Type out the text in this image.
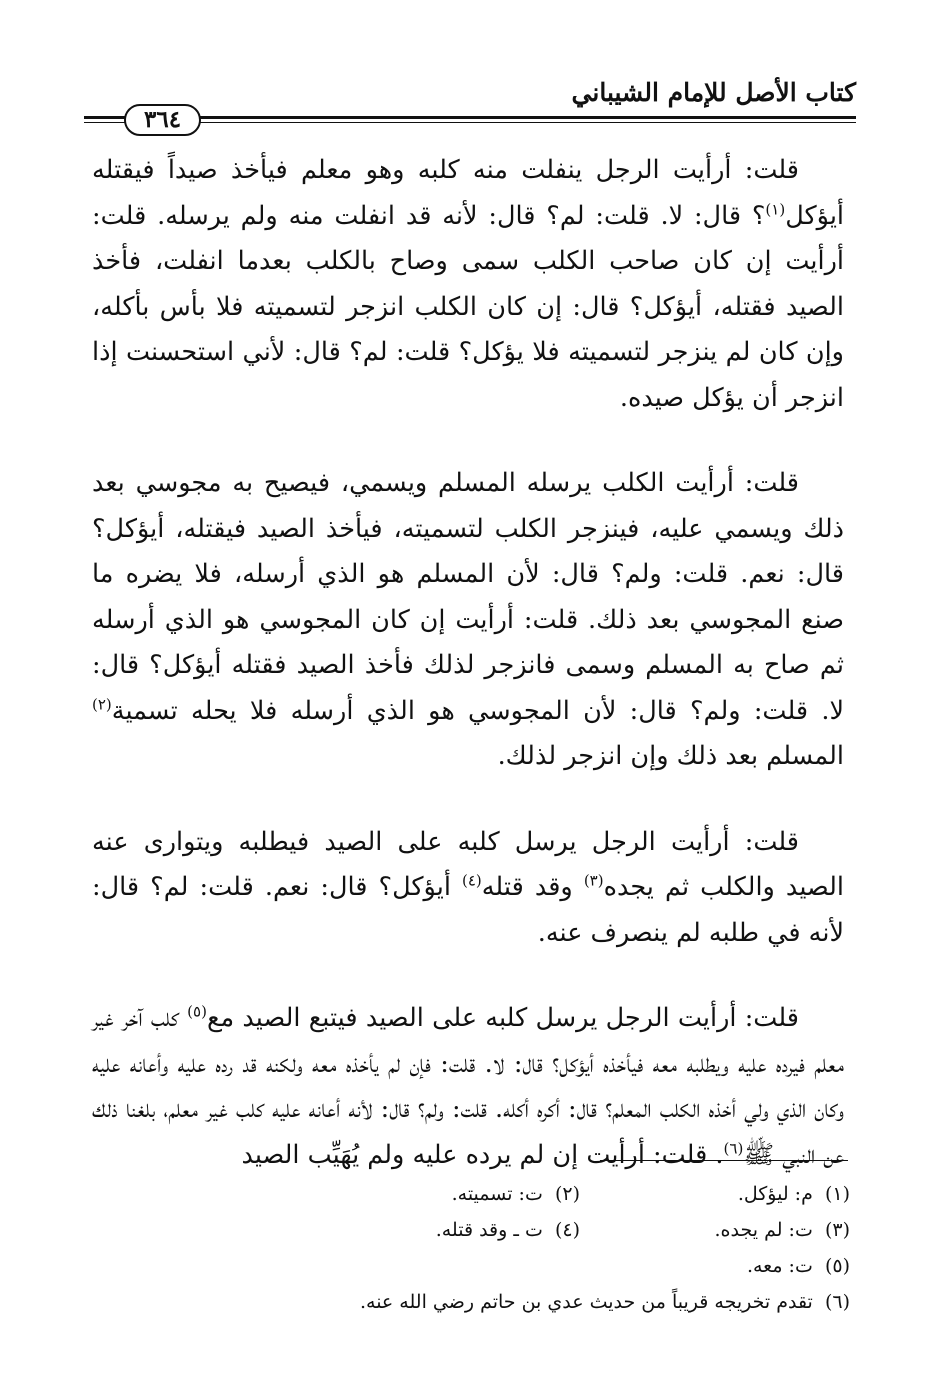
كتاب الأصل للإمام الشيباني
٣٦٤

قلت: أرأيت الرجل ينفلت منه كلبه وهو معلم فيأخذ صيداً فيقتله أيؤكل$^{(١)}$؟ قال: لا. قلت: لم؟ قال: لأنه قد انفلت منه ولم يرسله. قلت: أرأيت إن كان صاحب الكلب سمى وصاح بالكلب بعدما انفلت، فأخذ الصيد فقتله، أيؤكل؟ قال: إن كان الكلب انزجر لتسميته فلا بأس بأكله، وإن كان لم ينزجر لتسميته فلا يؤكل؟ قلت: لم؟ قال: لأني استحسنت إذا انزجر أن يؤكل صيده.

قلت: أرأيت الكلب يرسله المسلم ويسمي، فيصيح به مجوسي بعد ذلك ويسمي عليه، فينزجر الكلب لتسميته، فيأخذ الصيد فيقتله، أيؤكل؟ قال: نعم. قلت: ولم؟ قال: لأن المسلم هو الذي أرسله، فلا يضره ما صنع المجوسي بعد ذلك. قلت: أرأيت إن كان المجوسي هو الذي أرسله ثم صاح به المسلم وسمى فانزجر لذلك فأخذ الصيد فقتله أيؤكل؟ قال: لا. قلت: ولم؟ قال: لأن المجوسي هو الذي أرسله فلا يحله تسمية$^{(٢)}$ المسلم بعد ذلك وإن انزجر لذلك.

قلت: أرأيت الرجل يرسل كلبه على الصيد فيطلبه ويتوارى عنه الصيد والكلب ثم يجده$^{(٣)}$ وقد قتله$^{(٤)}$ أيؤكل؟ قال: نعم. قلت: لم؟ قال: لأنه في طلبه لم ينصرف عنه.

قلت: أرأيت الرجل يرسل كلبه على الصيد فيتبع الصيد مع$^{(٥)}$ كلب آخر غير معلم فيرده عليه ويطلبه معه فيأخذه أيؤكل؟ قال: لا. قلت: فإن لم يأخذه معه ولكنه قد رده عليه وأعانه عليه وكان الذي ولي أخذه الكلب المعلم؟ قال: أكره أكله. قلت: ولم؟ قال: لأنه أعانه عليه كلب غير معلم، بلغنا ذلك عن النبي ﷺ$^{(٦)}$. قلت: أرأيت إن لم يرده عليه ولم يُهَيِّب الصيد

(١)  م: ليؤكل.
(٢)  ت: تسميته.
(٣)  ت: لم يجده.
(٤)  ت ـ وقد قتله.
(٥)  ت: معه.
(٦)  تقدم تخريجه قريباً من حديث عدي بن حاتم رضي الله عنه.
